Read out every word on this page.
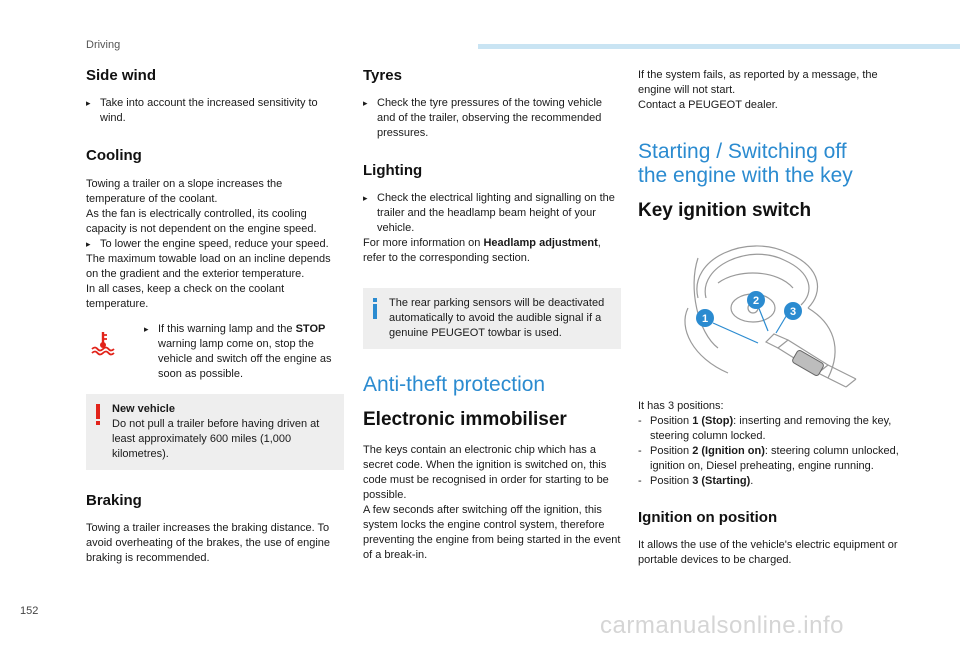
Driving
Side wind
▸ Take into account the increased sensitivity to wind.
Cooling

Towing a trailer on a slope increases the temperature of the coolant.

As the fan is electrically controlled, its cooling capacity is not dependent on the engine speed.

▸ To lower the engine speed, reduce your speed.

The maximum towable load on an incline depends on the gradient and the exterior temperature.

In all cases, keep a check on the coolant temperature.

▸ If this warning lamp and the STOP warning lamp come on, stop the vehicle and switch off the engine as soon as possible.
New vehicle
Do not pull a trailer before having driven at least approximately 600 miles (1,000 kilometres).
Braking

Towing a trailer increases the braking distance. To avoid overheating of the brakes, the use of engine braking is recommended.

Tyres
▸ Check the tyre pressures of the towing vehicle and of the trailer, observing the recommended pressures.
Lighting
▸ Check the electrical lighting and signalling on the trailer and the headlamp beam height of your vehicle.

For more information on Headlamp adjustment, refer to the corresponding section.

The rear parking sensors will be deactivated automatically to avoid the audible signal if a genuine PEUGEOT towbar is used.
Anti-theft protection
Electronic immobiliser

The keys contain an electronic chip which has a secret code. When the ignition is switched on, this code must be recognised in order for starting to be possible.

A few seconds after switching off the ignition, this system locks the engine control system, therefore preventing the engine from being started in the event of a break-in.

If the system fails, as reported by a message, the engine will not start.

Contact a PEUGEOT dealer.

Starting / Switching off
the engine with the key
Key ignition switch
1
2
3

It has 3 positions:

- Position 1 (Stop): inserting and removing the key, steering column locked.
- Position 2 (Ignition on): steering column unlocked, ignition on, Diesel preheating, engine running.
- Position 3 (Starting).
Ignition on position

It allows the use of the vehicle's electric equipment or portable devices to be charged.

152
carmanualsonline.info
